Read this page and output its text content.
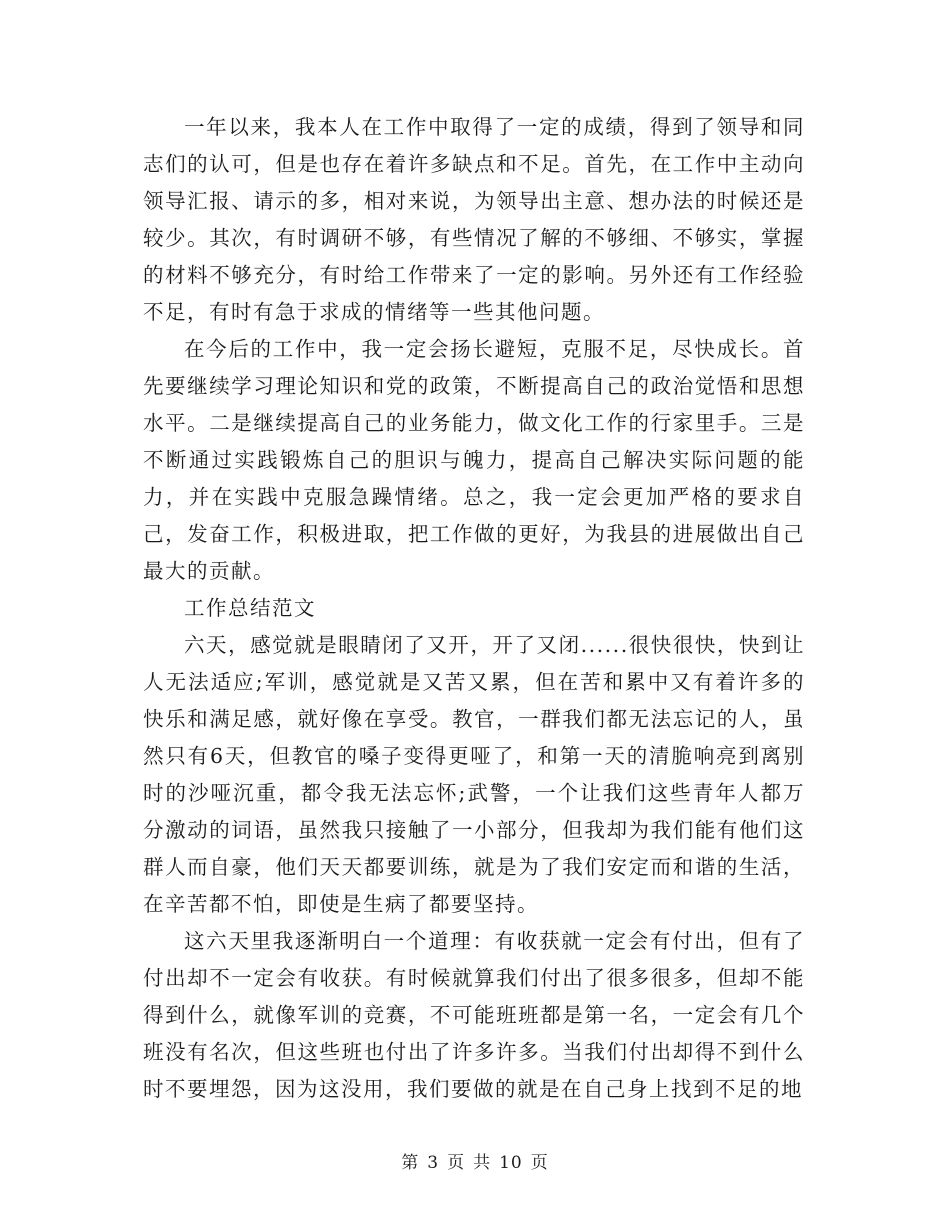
一年以来，我本人在工作中取得了一定的成绩，得到了领导和同志们的认可，但是也存在着许多缺点和不足。首先，在工作中主动向领导汇报、请示的多，相对来说，为领导出主意、想办法的时候还是较少。其次，有时调研不够，有些情况了解的不够细、不够实，掌握的材料不够充分，有时给工作带来了一定的影响。另外还有工作经验不足，有时有急于求成的情绪等一些其他问题。

在今后的工作中，我一定会扬长避短，克服不足，尽快成长。首先要继续学习理论知识和党的政策，不断提高自己的政治觉悟和思想水平。二是继续提高自己的业务能力，做文化工作的行家里手。三是不断通过实践锻炼自己的胆识与魄力，提高自己解决实际问题的能力，并在实践中克服急躁情绪。总之，我一定会更加严格的要求自己，发奋工作，积极进取，把工作做的更好，为我县的进展做出自己最大的贡献。

工作总结范文

六天，感觉就是眼睛闭了又开，开了又闭......很快很快，快到让人无法适应;军训，感觉就是又苦又累，但在苦和累中又有着许多的快乐和满足感，就好像在享受。教官，一群我们都无法忘记的人，虽然只有6天，但教官的嗓子变得更哑了，和第一天的清脆响亮到离别时的沙哑沉重，都令我无法忘怀;武警，一个让我们这些青年人都万分激动的词语，虽然我只接触了一小部分，但我却为我们能有他们这群人而自豪，他们天天都要训练，就是为了我们安定而和谐的生活，在辛苦都不怕，即使是生病了都要坚持。

这六天里我逐渐明白一个道理：有收获就一定会有付出，但有了付出却不一定会有收获。有时候就算我们付出了很多很多，但却不能得到什么，就像军训的竞赛，不可能班班都是第一名，一定会有几个班没有名次，但这些班也付出了许多许多。当我们付出却得不到什么时不要埋怨，因为这没用，我们要做的就是在自己身上找到不足的地

第 3 页 共 10 页
